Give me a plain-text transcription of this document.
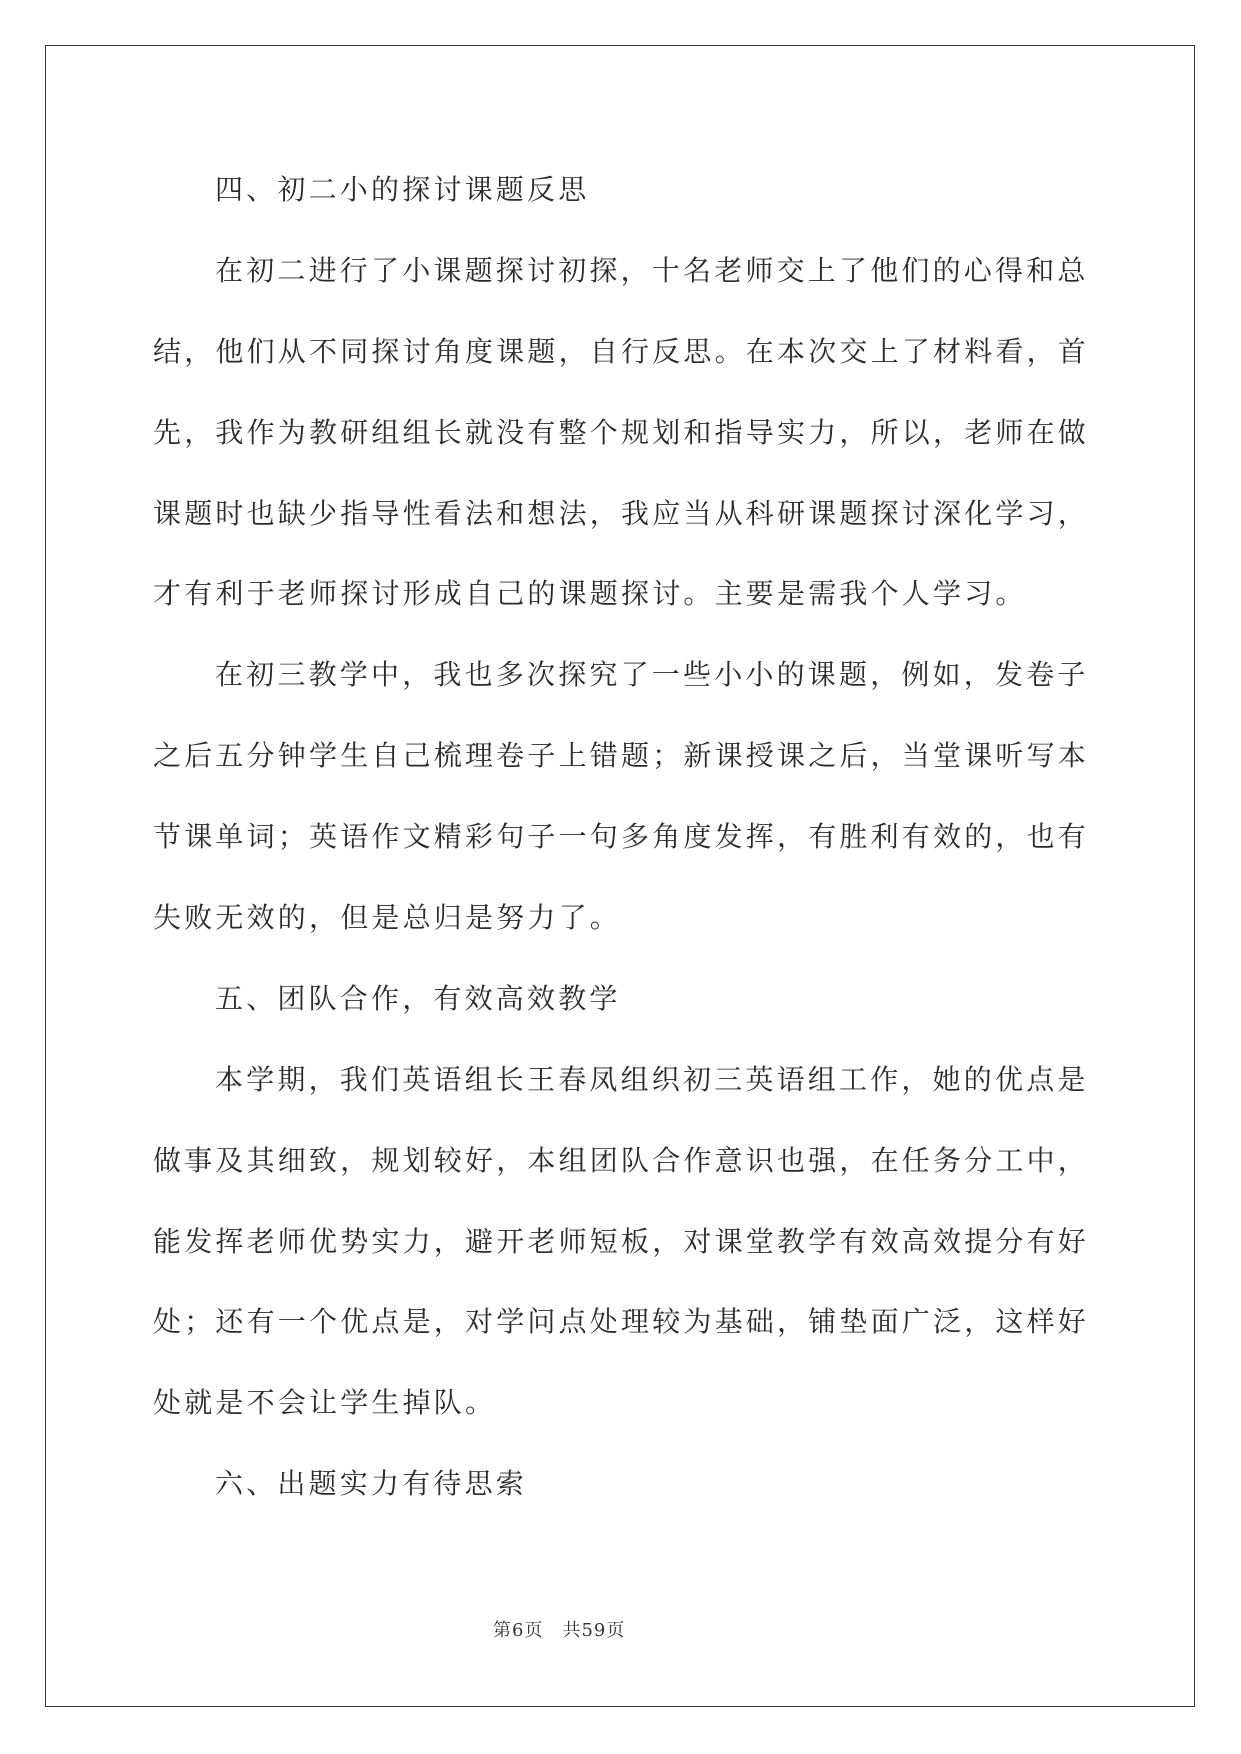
四、初二小的探讨课题反思
在初二进行了小课题探讨初探，十名老师交上了他们的心得和总
结，他们从不同探讨角度课题，自行反思。在本次交上了材料看，首
先，我作为教研组组长就没有整个规划和指导实力，所以，老师在做
课题时也缺少指导性看法和想法，我应当从科研课题探讨深化学习，
才有利于老师探讨形成自己的课题探讨。主要是需我个人学习。
在初三教学中，我也多次探究了一些小小的课题，例如，发卷子
之后五分钟学生自己梳理卷子上错题；新课授课之后，当堂课听写本
节课单词；英语作文精彩句子一句多角度发挥，有胜利有效的，也有
失败无效的，但是总归是努力了。
五、团队合作，有效高效教学
本学期，我们英语组长王春凤组织初三英语组工作，她的优点是
做事及其细致，规划较好，本组团队合作意识也强，在任务分工中，
能发挥老师优势实力，避开老师短板，对课堂教学有效高效提分有好
处；还有一个优点是，对学问点处理较为基础，铺垫面广泛，这样好
处就是不会让学生掉队。
六、出题实力有待思索
第6页　共59页
